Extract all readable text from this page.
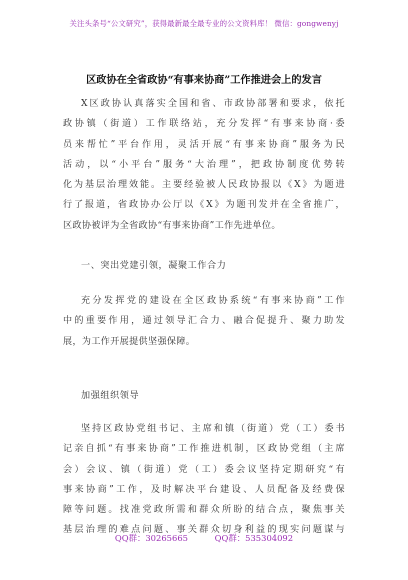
关注头条号“公文研究”，获得最新最全最专业的公文资料库！ 微信：gongwenyj
区政协在全省政协“有事来协商”工作推进会上的发言
X区政协认真落实全国和省、市政协部署和要求，依托
政协镇（街道）工作联络站，充分发挥“有事来协商·委
员来帮忙”平台作用，灵活开展“有事来协商”服务为民
活动，以“小平台”服务“大治理”，把政协制度优势转
化为基层治理效能。主要经验被人民政协报以《X》为题进
行了报道，省政协办公厅以《X》为题刊发并在全省推广，
区政协被评为全省政协“有事来协商”工作先进单位。
一、突出党建引领，凝聚工作合力
充分发挥党的建设在全区政协系统“有事来协商”工作
中的重要作用，通过领导汇合力、融合促提升、聚力助发
展，为工作开展提供坚强保障。
加强组织领导
坚持区政协党组书记、主席和镇（街道）党（工）委书
记亲自抓“有事来协商”工作推进机制，区政协党组（主席
会）会议、镇（街道）党（工）委会议坚持定期研究“有
事来协商”工作，及时解决平台建设、人员配备及经费保
障等问题。找准党政所需和群众所盼的结合点，聚焦事关
基层治理的难点问题、事关群众切身利益的现实问题谋与
QQ群：30265665	QQ群：535304092
